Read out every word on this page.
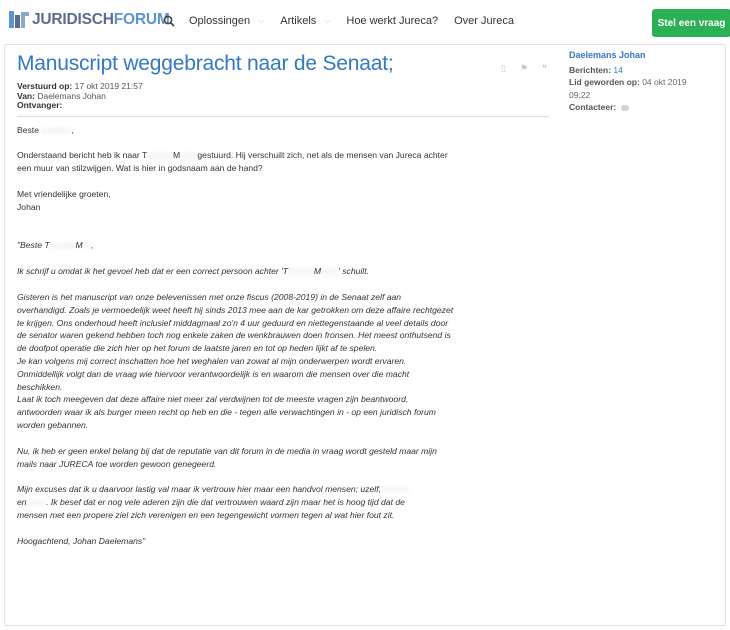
JURIDISCHFORUM Oplossingen ⌵ Artikels ⌵ Hoe werkt Jureca? Over Jureca	Stel een vraag
Manuscript weggebracht naar de Senaat;	▯ ⚑ ❝
Verstuurd op: 17 okt 2019 21:57
Van: Daelemans Johan
Ontvanger:

Beste xxxxxxx,

Onderstaand bericht heb ik naar TxxxxxxMxxxxgestuurd. Hij verschuilt zich, net als de mensen van Jureca achter
een muur van stilzwijgen. Wat is hier in godsnaam aan de hand?

Met vriendelijke groeten,
Johan

"Beste TxxxxxxMxx,

Ik schrijf u omdat ik het gevoel heb dat er een correct persoon achter 'TxxxxxxMxxxx' schuilt.

Gisteren is het manuscript van onze belevenissen met onze fiscus (2008-2019) in de Senaat zelf aan
overhandigd. Zoals je vermoedelijk weet heeft hij sinds 2013 mee aan de kar getrokken om deze affaire rechtgezet
te krijgen. Ons onderhoud heeft inclusief middagmaal zo'n 4 uur geduurd en niettegenstaande al veel details door
de senator waren gekend hebben toch nog enkele zaken de wenkbrauwen doen fronsen. Het meest onthutsend is
de doofpot operatie die zich hier op het forum de laatste jaren en tot op heden lijkt af te spelen.
Je kan volgens mij correct inschatten hoe het weghalen van zowat al mijn onderwerpen wordt ervaren.
Onmiddellijk volgt dan de vraag wie hiervoor verantwoordelijk is en waarom die mensen over die macht
beschikken.
Laat ik toch meegeven dat deze affaire niet meer zal verdwijnen tot de meeste vragen zijn beantwoord,
antwoorden waar ik als burger meen recht op heb en die - tegen alle verwachtingen in - op een juridisch forum
worden gebannen.

Nu, ik heb er geen enkel belang bij dat de reputatie van dit forum in de media in vraag wordt gesteld maar mijn
mails naar JURECA toe worden gewoon genegeerd.

Mijn excuses dat ik u daarvoor lastig val maar ik vertrouw hier maar een handvol mensen; uzelf, xxxxxx
en xxxx. Ik besef dat er nog vele aderen zijn die dat vertrouwen waard zijn maar het is hoog tijd dat de
mensen met een propere ziel zich verenigen en een tegengewicht vormen tegen al wat hier fout zit.

Hoogachtend, Johan Daelemans"

Daelemans Johan
Berichten: 14
Lid geworden op: 04 okt 2019
09:22
Contacteer:
